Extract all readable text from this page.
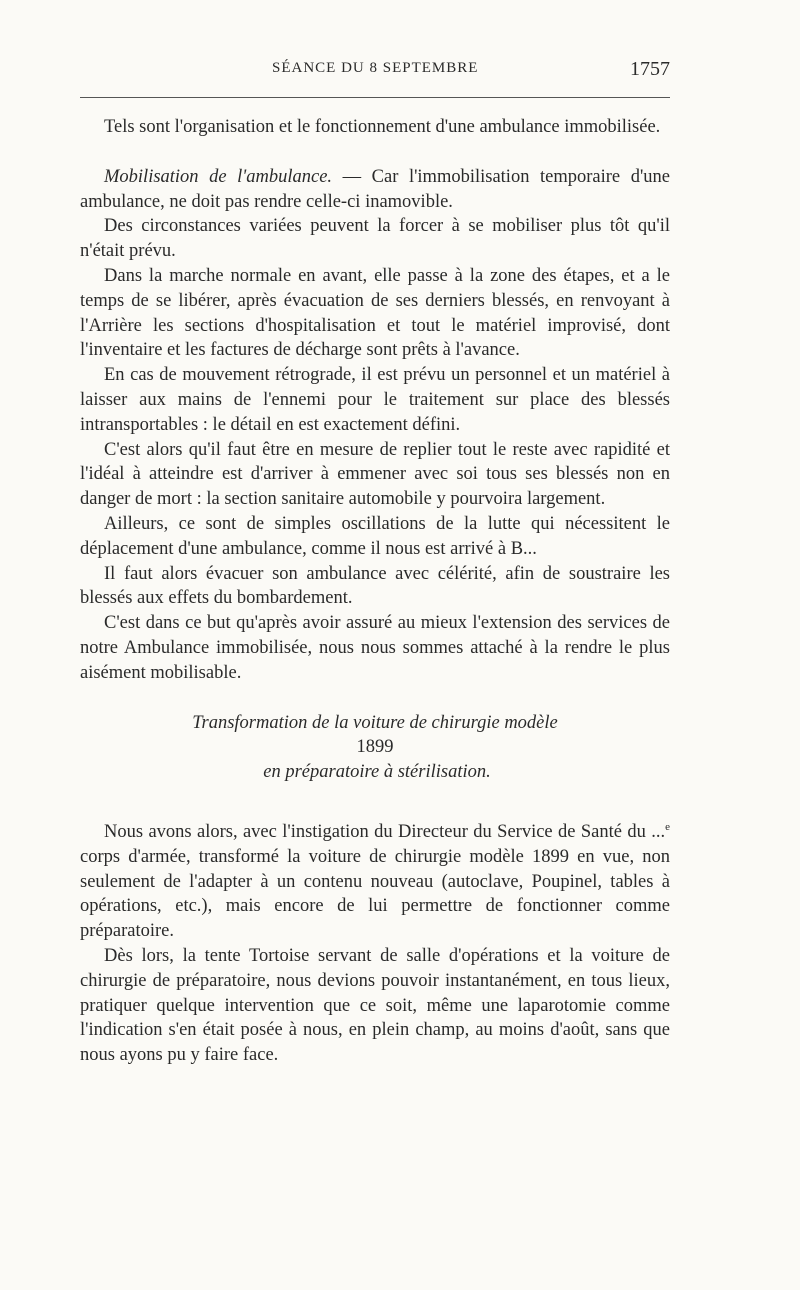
SÉANCE DU 8 SEPTEMBRE	1757

Tels sont l'organisation et le fonctionnement d'une ambulance immobilisée.

Mobilisation de l'ambulance. — Car l'immobilisation temporaire d'une ambulance, ne doit pas rendre celle-ci inamovible.

Des circonstances variées peuvent la forcer à se mobiliser plus tôt qu'il n'était prévu.

Dans la marche normale en avant, elle passe à la zone des étapes, et a le temps de se libérer, après évacuation de ses derniers blessés, en renvoyant à l'Arrière les sections d'hospitalisation et tout le matériel improvisé, dont l'inventaire et les factures de décharge sont prêts à l'avance.

En cas de mouvement rétrograde, il est prévu un personnel et un matériel à laisser aux mains de l'ennemi pour le traitement sur place des blessés intransportables : le détail en est exactement défini.

C'est alors qu'il faut être en mesure de replier tout le reste avec rapidité et l'idéal à atteindre est d'arriver à emmener avec soi tous ses blessés non en danger de mort : la section sanitaire automobile y pourvoira largement.

Ailleurs, ce sont de simples oscillations de la lutte qui nécessitent le déplacement d'une ambulance, comme il nous est arrivé à B...

Il faut alors évacuer son ambulance avec célérité, afin de soustraire les blessés aux effets du bombardement.

C'est dans ce but qu'après avoir assuré au mieux l'extension des services de notre Ambulance immobilisée, nous nous sommes attaché à la rendre le plus aisément mobilisable.

Transformation de la voiture de chirurgie modèle
1899
en préparatoire à stérilisation.

Nous avons alors, avec l'instigation du Directeur du Service de Santé du ...$^e$ corps d'armée, transformé la voiture de chirurgie modèle 1899 en vue, non seulement de l'adapter à un contenu nouveau (autoclave, Poupinel, tables à opérations, etc.), mais encore de lui permettre de fonctionner comme préparatoire.

Dès lors, la tente Tortoise servant de salle d'opérations et la voiture de chirurgie de préparatoire, nous devions pouvoir instantanément, en tous lieux, pratiquer quelque intervention que ce soit, même une laparotomie comme l'indication s'en était posée à nous, en plein champ, au moins d'août, sans que nous ayons pu y faire face.
